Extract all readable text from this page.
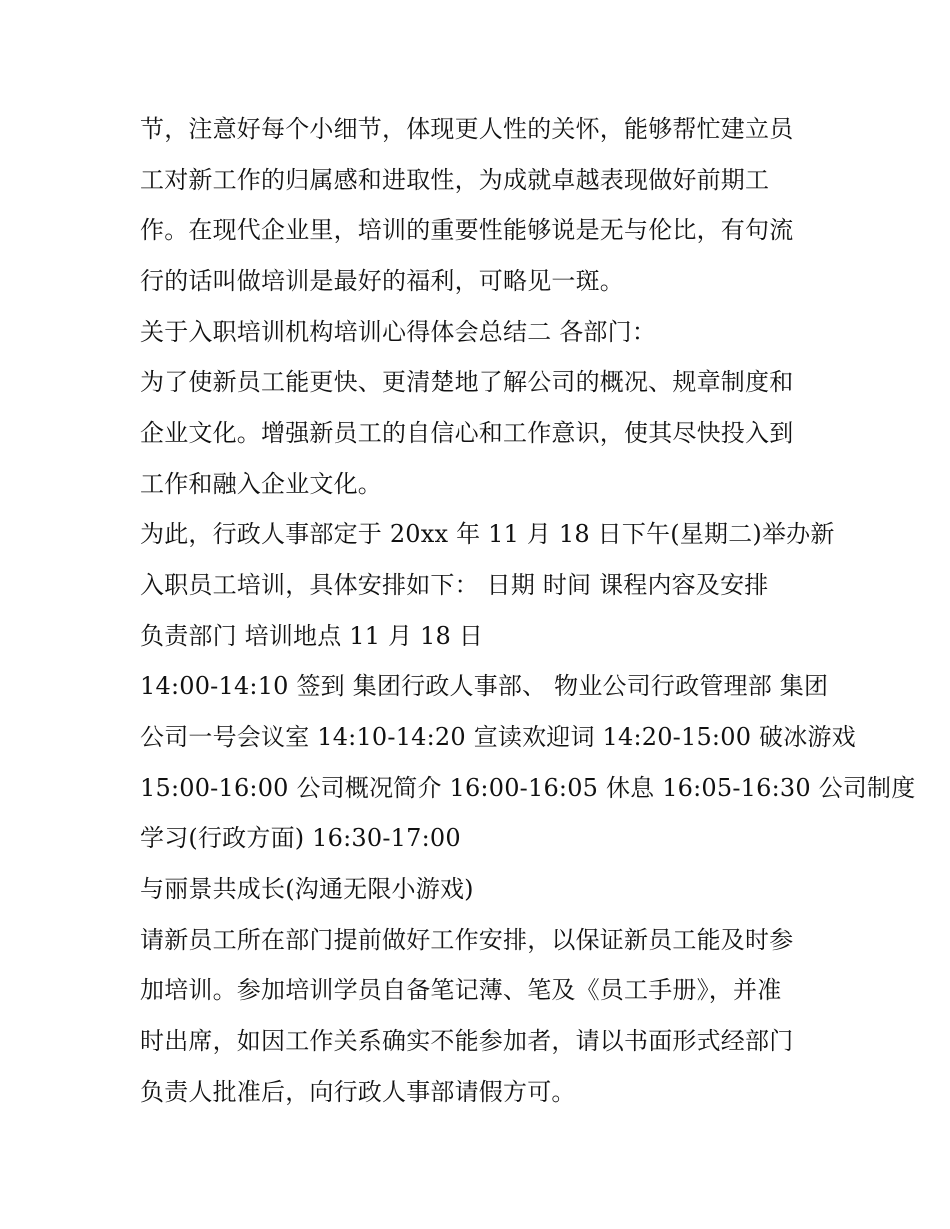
节，注意好每个小细节，体现更人性的关怀，能够帮忙建立员
工对新工作的归属感和进取性，为成就卓越表现做好前期工
作。在现代企业里，培训的重要性能够说是无与伦比，有句流
行的话叫做培训是最好的福利，可略见一斑。
关于入职培训机构培训心得体会总结二 各部门：
为了使新员工能更快、更清楚地了解公司的概况、规章制度和
企业文化。增强新员工的自信心和工作意识，使其尽快投入到
工作和融入企业文化。
为此，行政人事部定于 20xx 年 11 月 18 日下午(星期二)举办新
入职员工培训，具体安排如下： 日期 时间 课程内容及安排
负责部门 培训地点 11 月 18 日
14:00-14:10 签到 集团行政人事部、 物业公司行政管理部 集团
公司一号会议室 14:10-14:20 宣读欢迎词 14:20-15:00 破冰游戏
15:00-16:00 公司概况简介 16:00-16:05 休息 16:05-16:30 公司制度
学习(行政方面) 16:30-17:00
与丽景共成长(沟通无限小游戏)
请新员工所在部门提前做好工作安排，以保证新员工能及时参
加培训。参加培训学员自备笔记薄、笔及《员工手册》，并准
时出席，如因工作关系确实不能参加者，请以书面形式经部门
负责人批准后，向行政人事部请假方可。
